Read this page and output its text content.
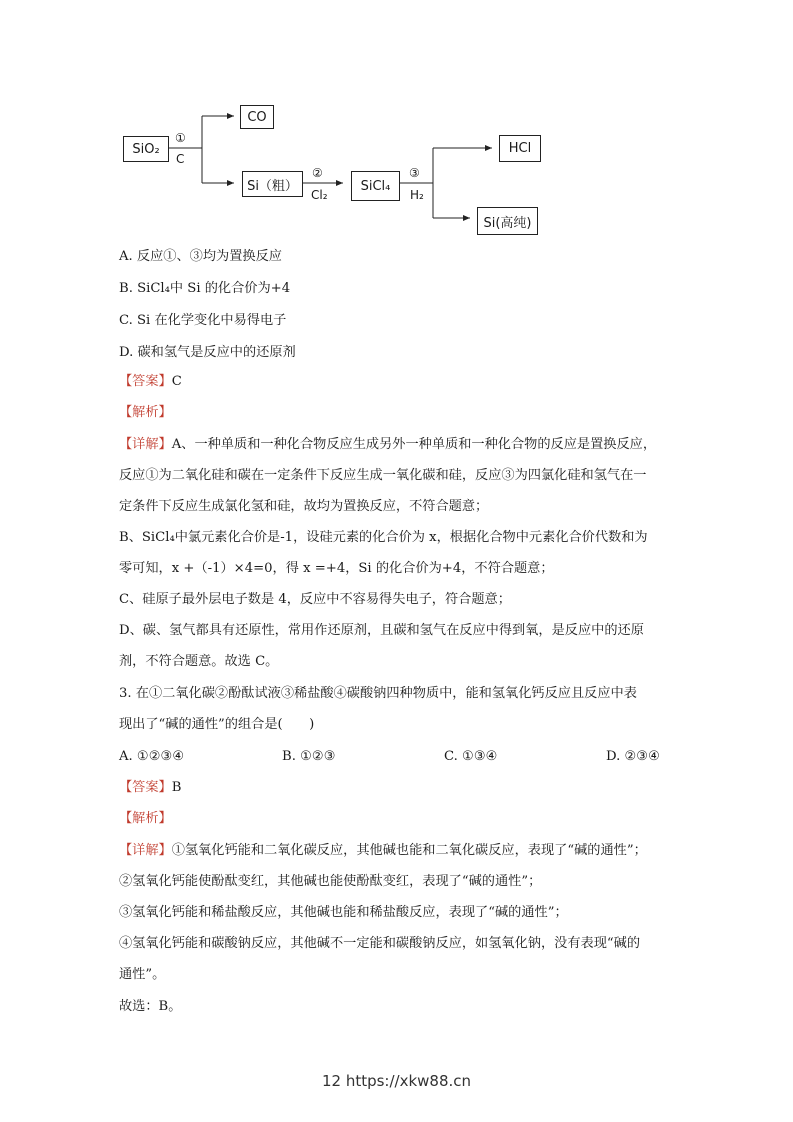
SiO₂
CO
Si（粗）	SiCl₄
HCl
Si(高纯)
①
C
②
Cl₂
③
H₂
A. 反应①、③均为置换反应
B. SiCl₄中 Si 的化合价为+4
C. Si 在化学变化中易得电子
D. 碳和氢气是反应中的还原剂
【答案】C
【解析】
【详解】A、一种单质和一种化合物反应生成另外一种单质和一种化合物的反应是置换反应，
反应①为二氧化硅和碳在一定条件下反应生成一氧化碳和硅，反应③为四氯化硅和氢气在一
定条件下反应生成氯化氢和硅，故均为置换反应，不符合题意；
B、SiCl₄中氯元素化合价是-1，设硅元素的化合价为 x，根据化合物中元素化合价代数和为
零可知，x +（-1）×4=0，得 x =+4，Si 的化合价为+4，不符合题意；
C、硅原子最外层电子数是 4，反应中不容易得失电子，符合题意；
D、碳、氢气都具有还原性，常用作还原剂，且碳和氢气在反应中得到氧，是反应中的还原
剂，不符合题意。故选 C。
3. 在①二氧化碳②酚酞试液③稀盐酸④碳酸钠四种物质中，能和氢氧化钙反应且反应中表
现出了“碱的通性”的组合是(　　)
A. ①②③④	B. ①②③	C. ①③④	D. ②③④
【答案】B
【解析】
【详解】①氢氧化钙能和二氧化碳反应，其他碱也能和二氧化碳反应，表现了“碱的通性”；
②氢氧化钙能使酚酞变红，其他碱也能使酚酞变红，表现了“碱的通性”；
③氢氧化钙能和稀盐酸反应，其他碱也能和稀盐酸反应，表现了“碱的通性”；
④氢氧化钙能和碳酸钠反应，其他碱不一定能和碳酸钠反应，如氢氧化钠，没有表现“碱的
通性”。
故选：B。
12 https://xkw88.cn
